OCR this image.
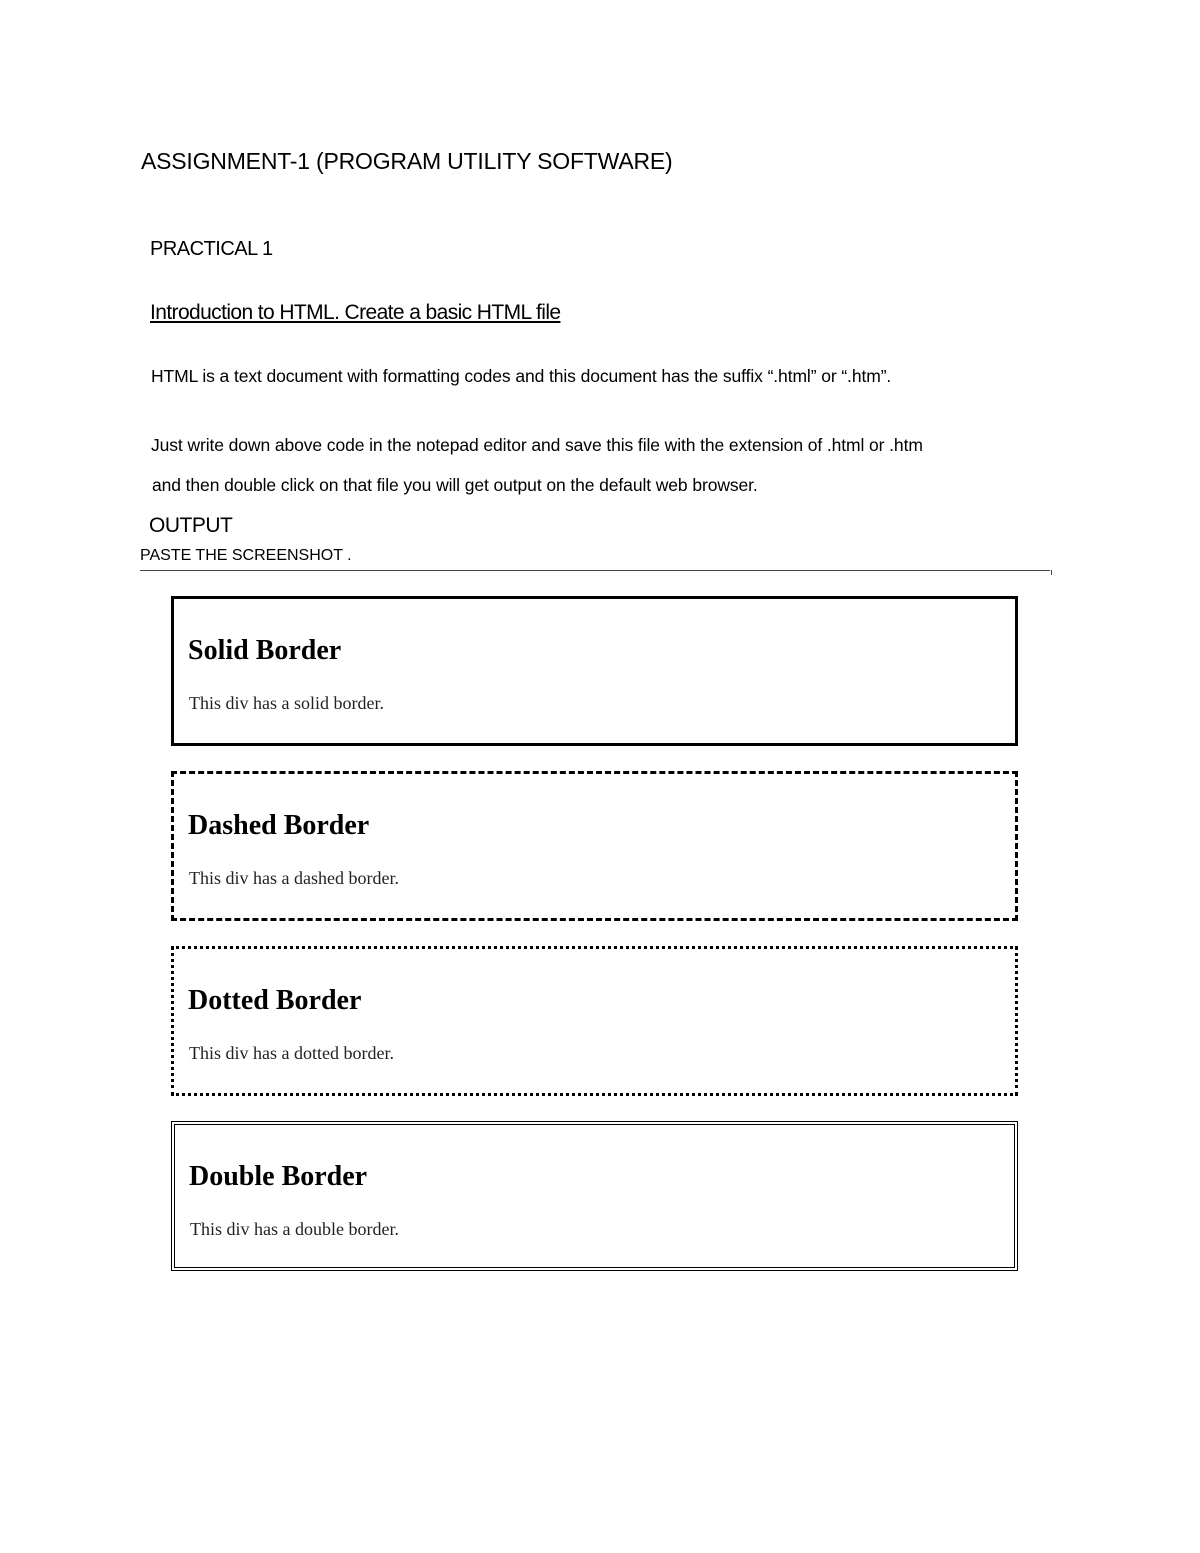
ASSIGNMENT-1 (PROGRAM UTILITY SOFTWARE)
PRACTICAL 1
Introduction to HTML. Create a basic HTML file

HTML is a text document with formatting codes and this document has the suffix “.html” or “.htm”.

Just write down above code in the notepad editor and save this file with the extension of .html or .htm

and then double click on that file you will get output on the default web browser.

OUTPUT
PASTE THE SCREENSHOT .
Solid Border

This div has a solid border.

Dashed Border

This div has a dashed border.

Dotted Border

This div has a dotted border.

Double Border

This div has a double border.
